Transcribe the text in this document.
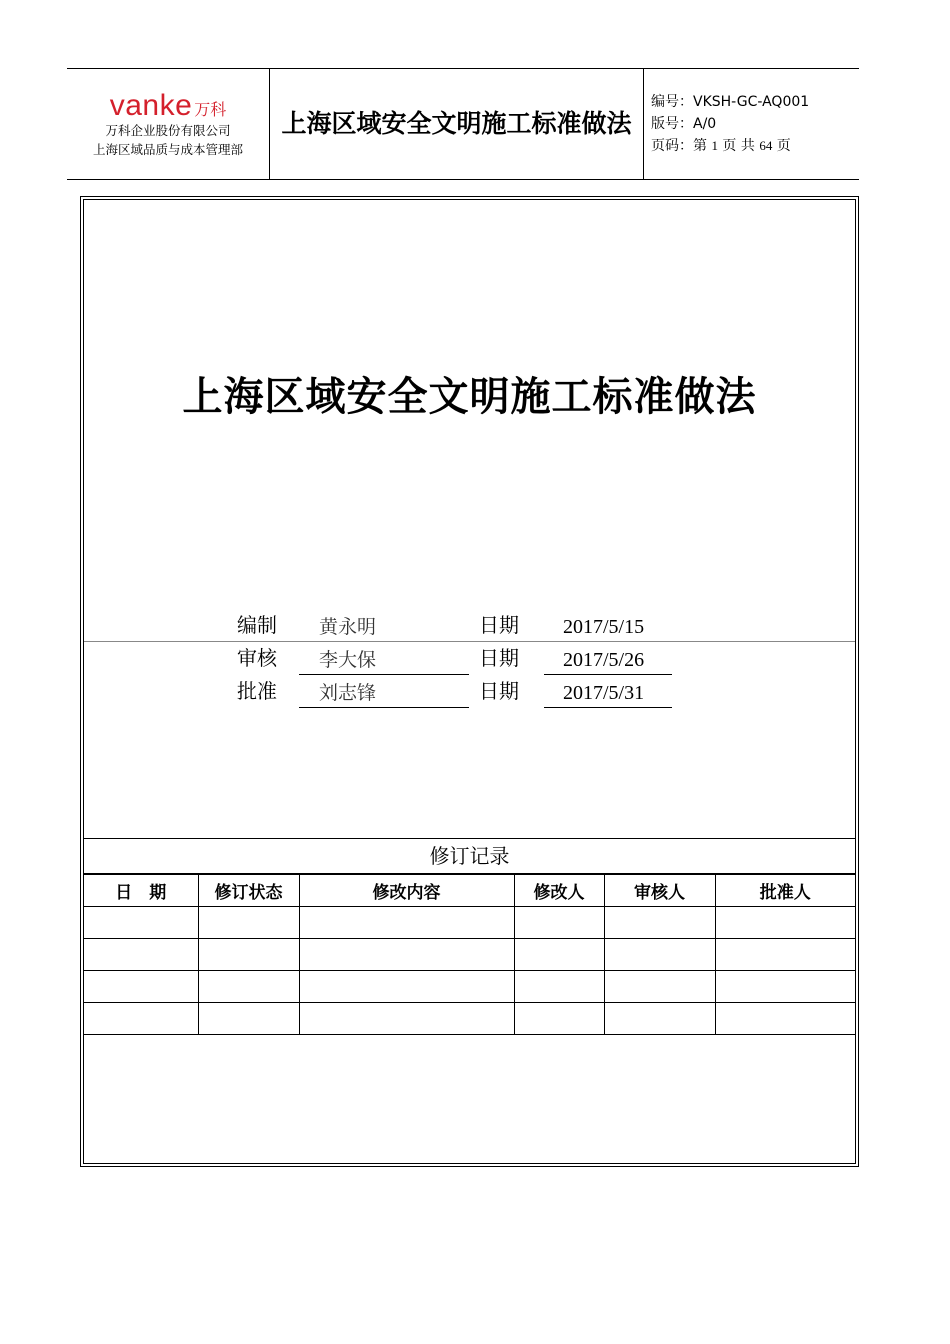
vanke 万科
万科企业股份有限公司
上海区域品质与成本管理部
上海区域安全文明施工标准做法
编号：VKSH-GC-AQ001
版号：A/0
页码：第 1 页 共 64 页
上海区域安全文明施工标准做法
编制	黄永明	日期	2017/5/15
审核	李大保	日期	2017/5/26
批准	刘志锋	日期	2017/5/31
修订记录
日　期	修订状态	修改内容	修改人	审核人	批准人
